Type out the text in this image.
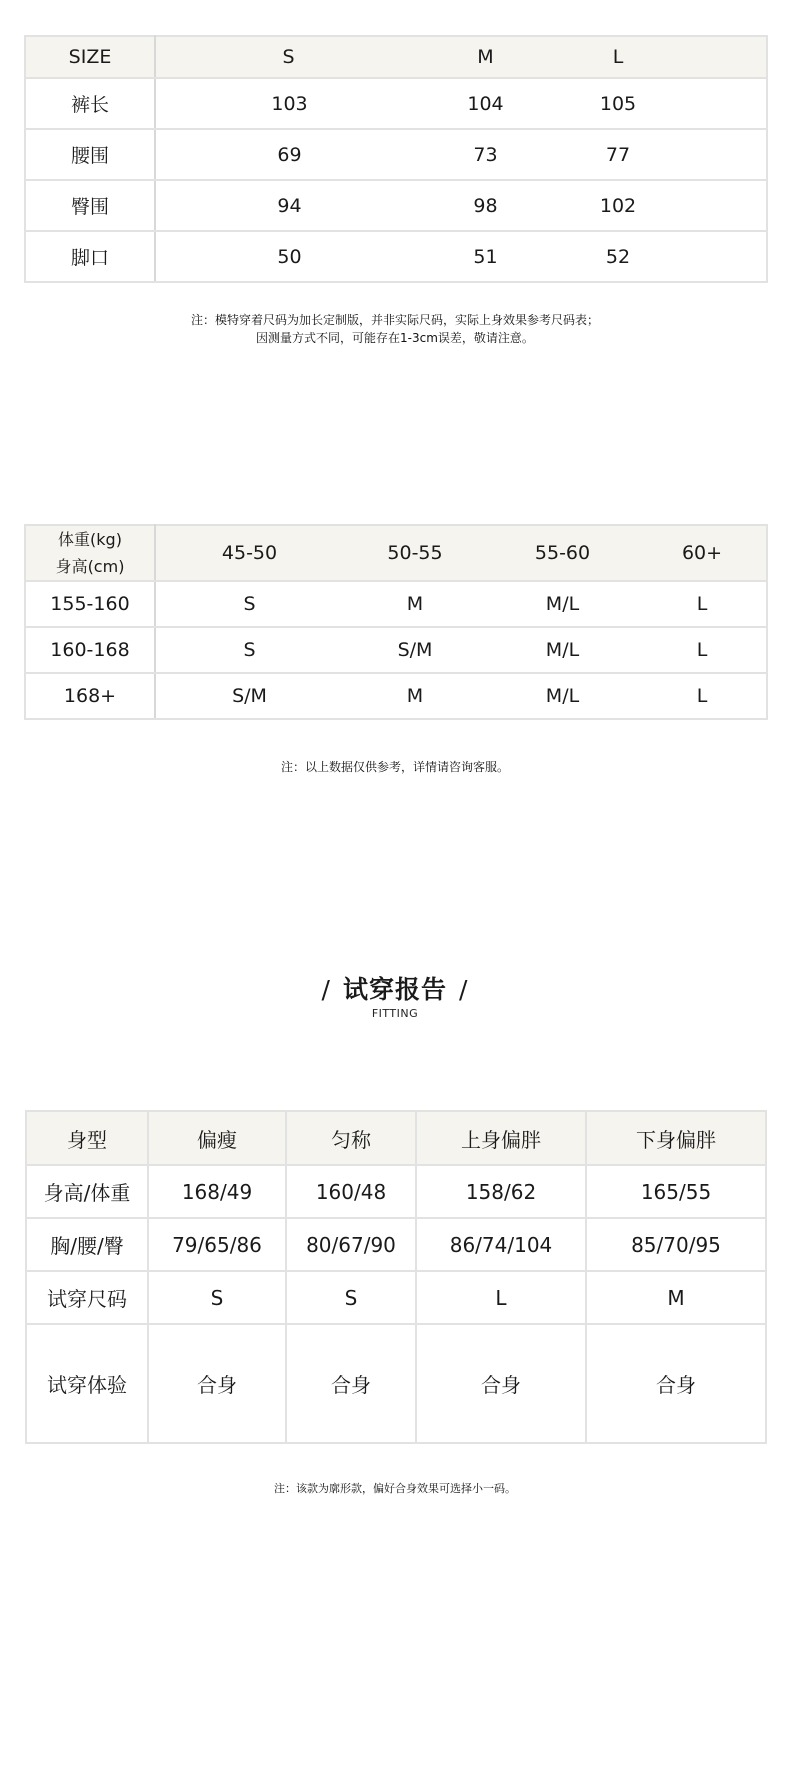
SIZE	S	M	L	
裤长	103	104	105	
腰围	69	73	77	
臀围	94	98	102	
脚口	50	51	52	
注：模特穿着尺码为加长定制版，并非实际尺码，实际上身效果参考尺码表；
因测量方式不同，可能存在1-3cm误差，敬请注意。
体重(kg)
身高(cm)	45-50	50-55	55-60	60+
155-160	S	M	M/L	L
160-168	S	S/M	M/L	L
168+	S/M	M	M/L	L
注：以上数据仅供参考，详情请咨询客服。
/ 试穿报告 /
FITTING
身型	偏瘦	匀称	上身偏胖	下身偏胖
身高/体重	168/49	160/48	158/62	165/55
胸/腰/臀	79/65/86	80/67/90	86/74/104	85/70/95
试穿尺码	S	S	L	M
试穿体验	合身	合身	合身	合身
注：该款为廓形款，偏好合身效果可选择小一码。
